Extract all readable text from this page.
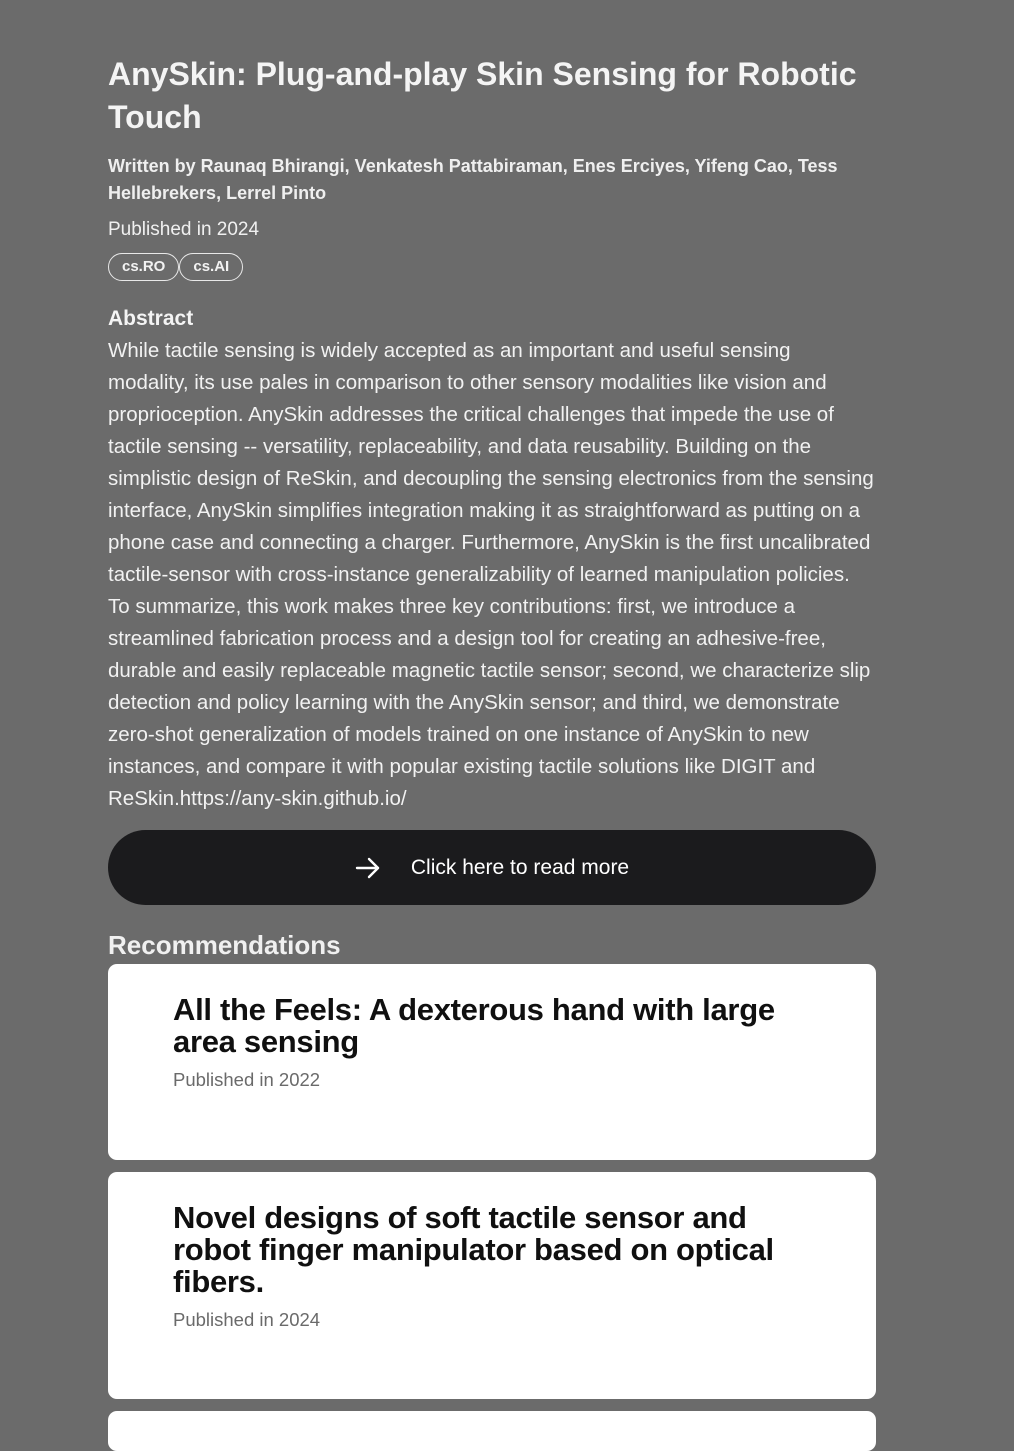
AnySkin: Plug-and-play Skin Sensing for Robotic Touch
Written by Raunaq Bhirangi, Venkatesh Pattabiraman, Enes Erciyes, Yifeng Cao, Tess Hellebrekers, Lerrel Pinto
Published in 2024
cs.RO	cs.AI
Abstract
While tactile sensing is widely accepted as an important and useful sensing modality, its use pales in comparison to other sensory modalities like vision and proprioception. AnySkin addresses the critical challenges that impede the use of tactile sensing -- versatility, replaceability, and data reusability. Building on the simplistic design of ReSkin, and decoupling the sensing electronics from the sensing interface, AnySkin simplifies integration making it as straightforward as putting on a phone case and connecting a charger. Furthermore, AnySkin is the first uncalibrated tactile-sensor with cross-instance generalizability of learned manipulation policies. To summarize, this work makes three key contributions: first, we introduce a streamlined fabrication process and a design tool for creating an adhesive-free, durable and easily replaceable magnetic tactile sensor; second, we characterize slip detection and policy learning with the AnySkin sensor; and third, we demonstrate zero-shot generalization of models trained on one instance of AnySkin to new instances, and compare it with popular existing tactile solutions like DIGIT and ReSkin.https://any-skin.github.io/
Click here to read more
Recommendations
All the Feels: A dexterous hand with large area sensing
Published in 2022
Novel designs of soft tactile sensor and robot finger manipulator based on optical fibers.
Published in 2024
